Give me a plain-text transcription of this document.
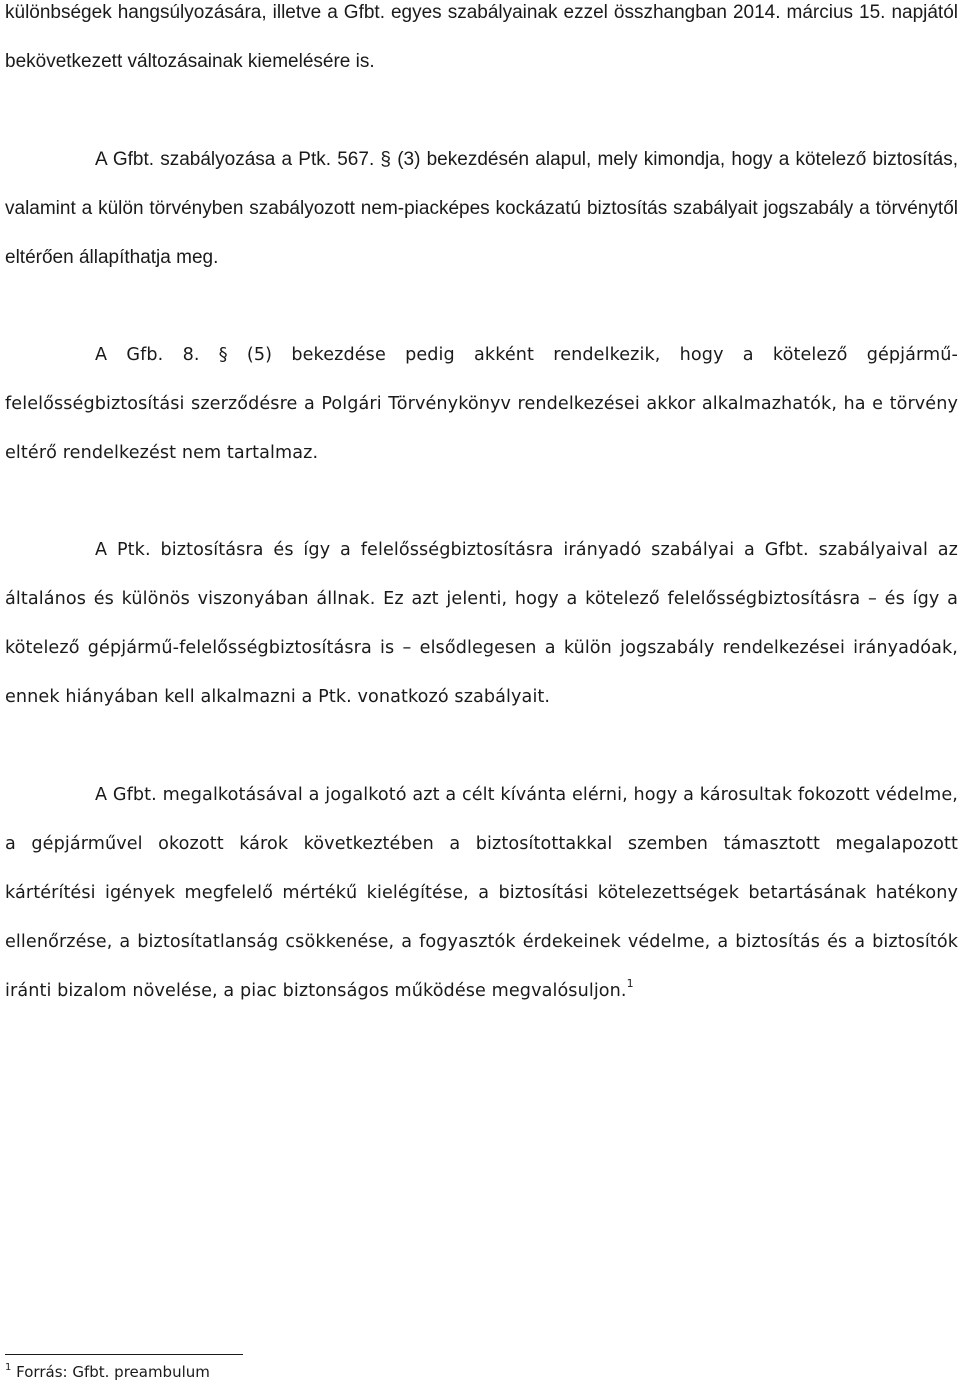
különbségek hangsúlyozására, illetve a Gfbt. egyes szabályainak ezzel összhangban 2014. március 15. napjától bekövetkezett változásainak kiemelésére is.

A Gfbt. szabályozása a Ptk. 567. § (3) bekezdésén alapul, mely kimondja, hogy a kötelező biztosítás, valamint a külön törvényben szabályozott nem-piacképes kockázatú biztosítás szabályait jogszabály a törvénytől eltérően állapíthatja meg.

A Gfb. 8. § (5) bekezdése pedig akként rendelkezik, hogy a kötelező gépjármű-felelősségbiztosítási szerződésre a Polgári Törvénykönyv rendelkezései akkor alkalmazhatók, ha e törvény eltérő rendelkezést nem tartalmaz.

A Ptk. biztosításra és így a felelősségbiztosításra irányadó szabályai a Gfbt. szabályaival az általános és különös viszonyában állnak. Ez azt jelenti, hogy a kötelező felelősségbiztosításra – és így a kötelező gépjármű-felelősségbiztosításra is – elsődlegesen a külön jogszabály rendelkezései irányadóak, ennek hiányában kell alkalmazni a Ptk. vonatkozó szabályait.

A Gfbt. megalkotásával a jogalkotó azt a célt kívánta elérni, hogy a károsultak fokozott védelme, a gépjárművel okozott károk következtében a biztosítottakkal szemben támasztott megalapozott kártérítési igények megfelelő mértékű kielégítése, a biztosítási kötelezettségek betartásának hatékony ellenőrzése, a biztosítatlanság csökkenése, a fogyasztók érdekeinek védelme, a biztosítás és a biztosítók iránti bizalom növelése, a piac biztonságos működése megvalósuljon.$^1$

$^1$ Forrás: Gfbt. preambulum
